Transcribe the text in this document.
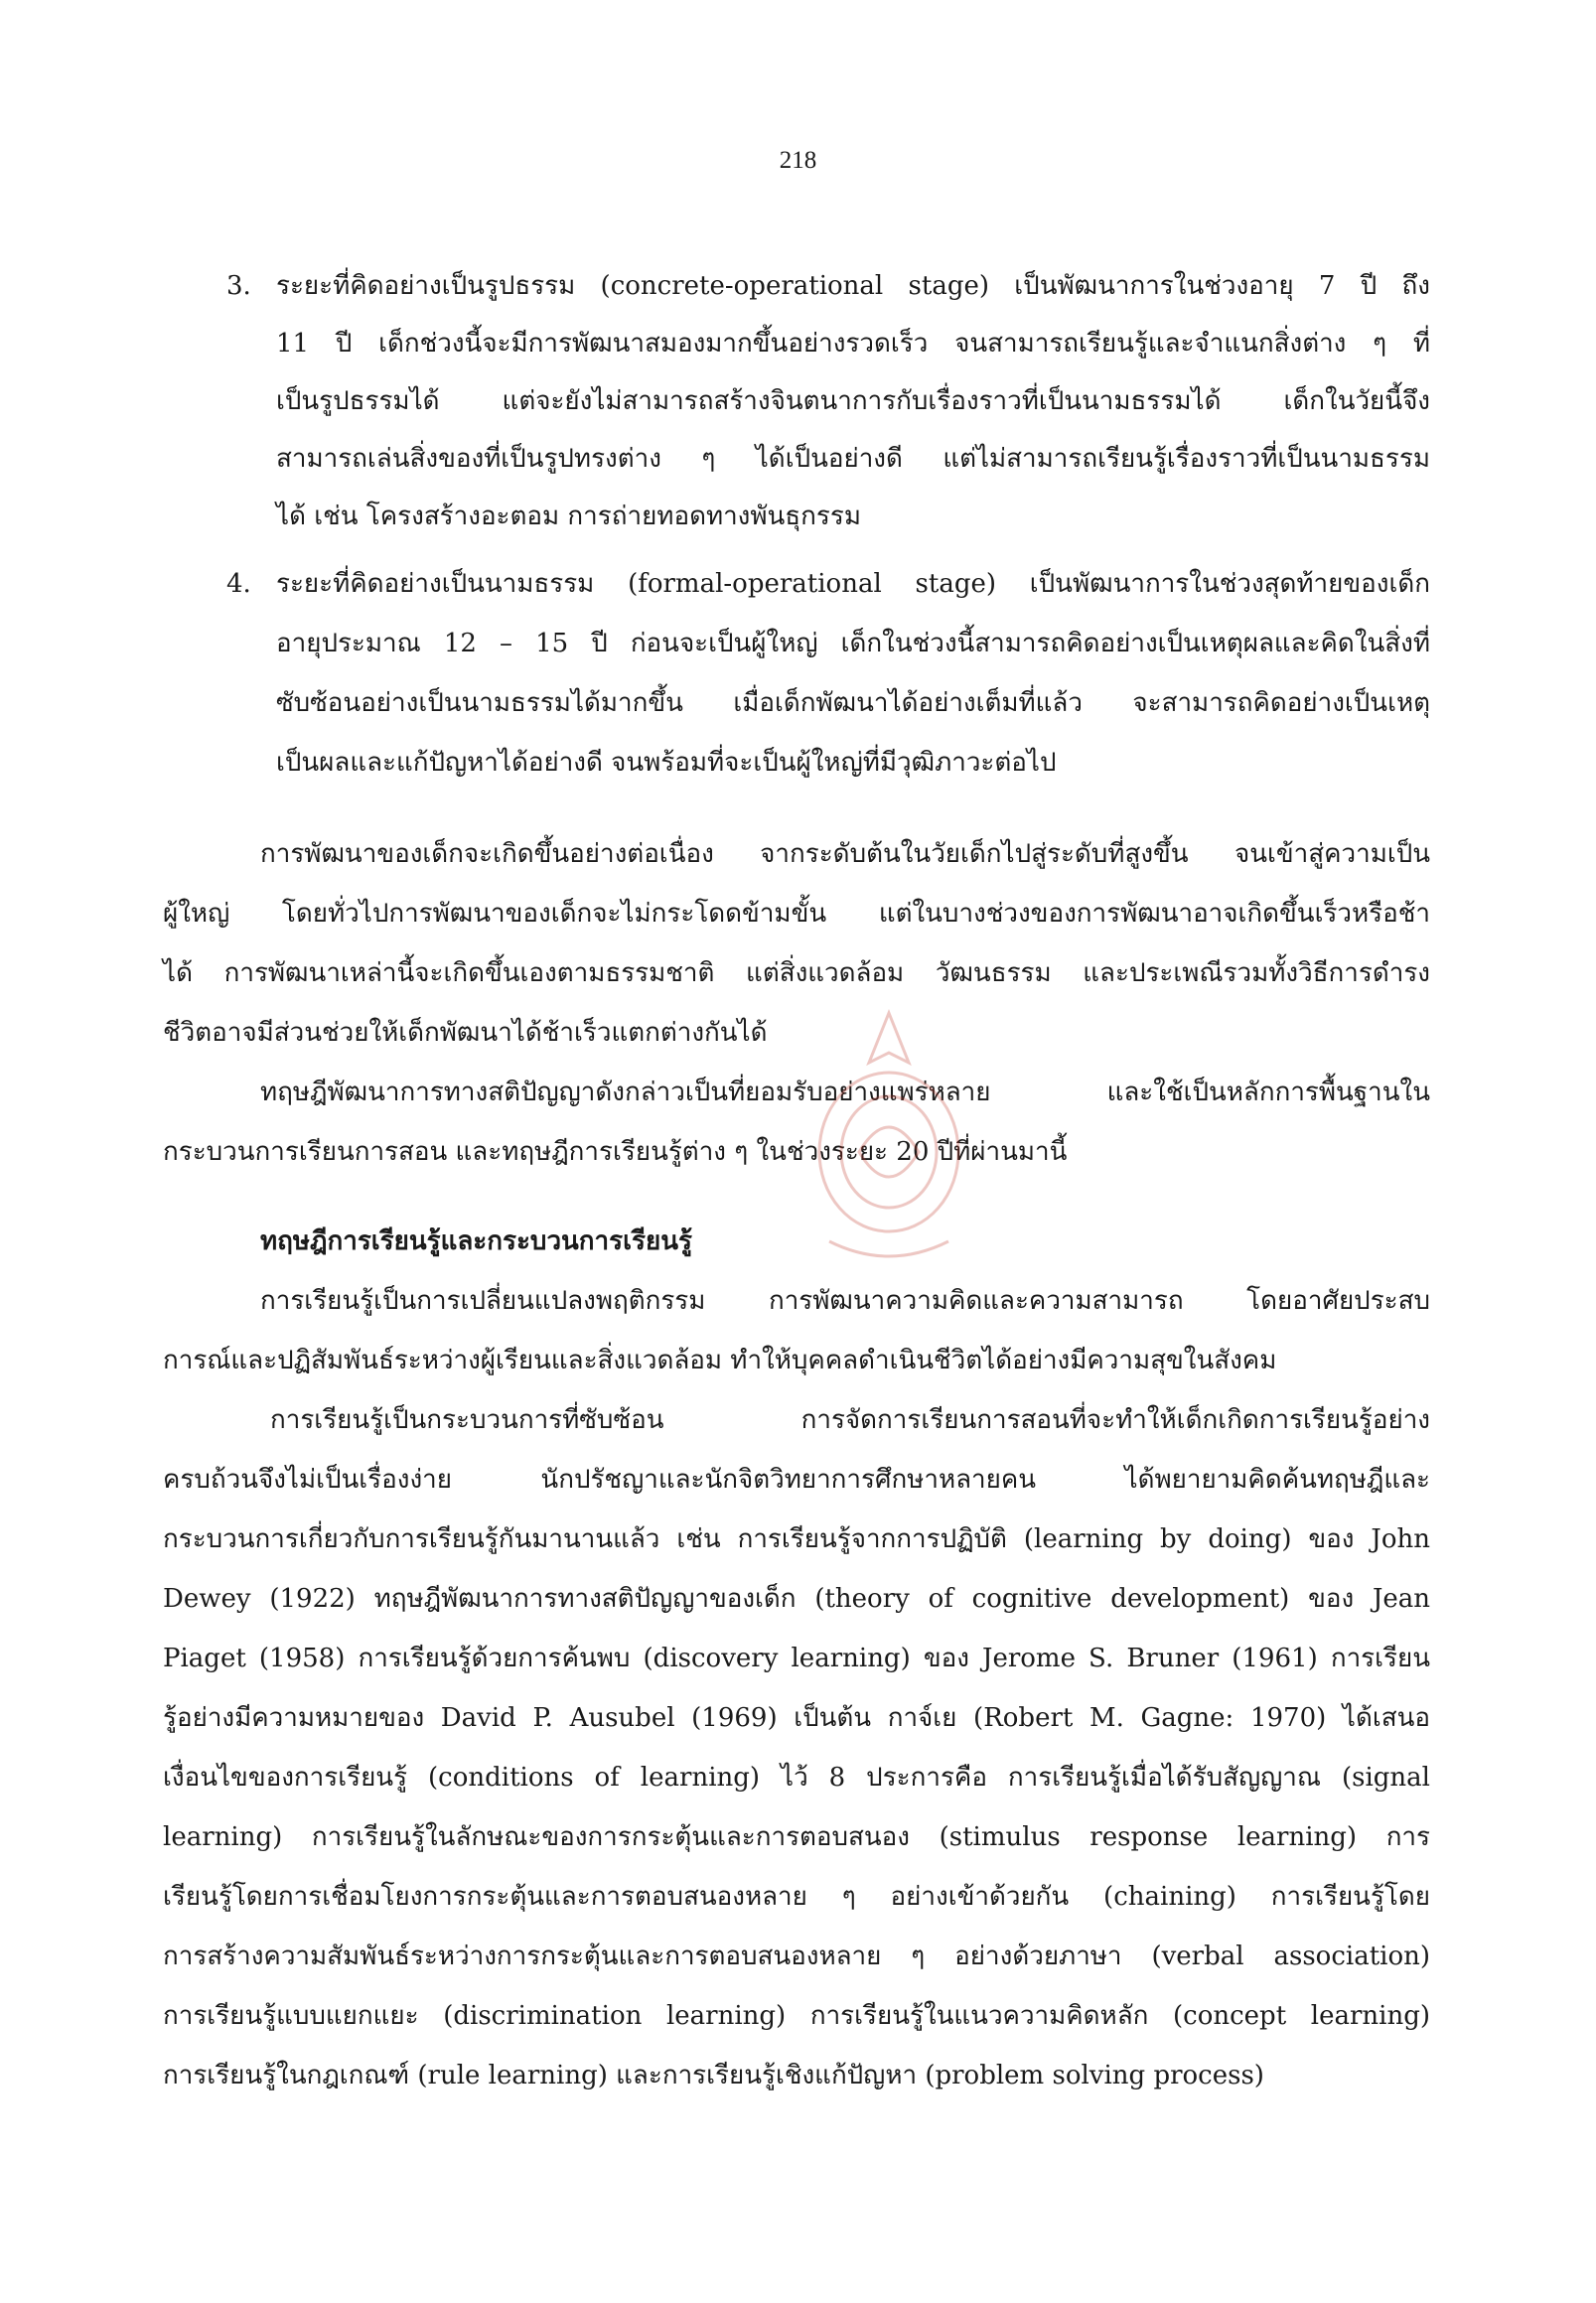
218
3. ระยะที่คิดอย่างเป็นรูปธรรม (concrete-operational stage) เป็นพัฒนาการในช่วงอายุ 7 ปี ถึง
11 ปี เด็กช่วงนี้จะมีการพัฒนาสมองมากขึ้นอย่างรวดเร็ว จนสามารถเรียนรู้และจำแนกสิ่งต่าง ๆ ที่
เป็นรูปธรรมได้ แต่จะยังไม่สามารถสร้างจินตนาการกับเรื่องราวที่เป็นนามธรรมได้ เด็กในวัยนี้จึง
สามารถเล่นสิ่งของที่เป็นรูปทรงต่าง ๆ ได้เป็นอย่างดี แต่ไม่สามารถเรียนรู้เรื่องราวที่เป็นนามธรรม
ได้ เช่น โครงสร้างอะตอม การถ่ายทอดทางพันธุกรรม
4. ระยะที่คิดอย่างเป็นนามธรรม (formal-operational stage) เป็นพัฒนาการในช่วงสุดท้ายของเด็ก
อายุประมาณ 12 – 15 ปี ก่อนจะเป็นผู้ใหญ่ เด็กในช่วงนี้สามารถคิดอย่างเป็นเหตุผลและคิดในสิ่งที่
ซับซ้อนอย่างเป็นนามธรรมได้มากขึ้น เมื่อเด็กพัฒนาได้อย่างเต็มที่แล้ว จะสามารถคิดอย่างเป็นเหตุ
เป็นผลและแก้ปัญหาได้อย่างดี จนพร้อมที่จะเป็นผู้ใหญ่ที่มีวุฒิภาวะต่อไป
การพัฒนาของเด็กจะเกิดขึ้นอย่างต่อเนื่อง จากระดับต้นในวัยเด็กไปสู่ระดับที่สูงขึ้น จนเข้าสู่ความเป็น
ผู้ใหญ่ โดยทั่วไปการพัฒนาของเด็กจะไม่กระโดดข้ามขั้น แต่ในบางช่วงของการพัฒนาอาจเกิดขึ้นเร็วหรือช้า
ได้ การพัฒนาเหล่านี้จะเกิดขึ้นเองตามธรรมชาติ แต่สิ่งแวดล้อม วัฒนธรรม และประเพณีรวมทั้งวิธีการดำรง
ชีวิตอาจมีส่วนช่วยให้เด็กพัฒนาได้ช้าเร็วแตกต่างกันได้
ทฤษฎีพัฒนาการทางสติปัญญาดังกล่าวเป็นที่ยอมรับอย่างแพร่หลาย และใช้เป็นหลักการพื้นฐานใน
กระบวนการเรียนการสอน และทฤษฎีการเรียนรู้ต่าง ๆ ในช่วงระยะ 20 ปีที่ผ่านมานี้
ทฤษฎีการเรียนรู้และกระบวนการเรียนรู้
การเรียนรู้เป็นการเปลี่ยนแปลงพฤติกรรม การพัฒนาความคิดและความสามารถ โดยอาศัยประสบ
การณ์และปฏิสัมพันธ์ระหว่างผู้เรียนและสิ่งแวดล้อม ทำให้บุคคลดำเนินชีวิตได้อย่างมีความสุขในสังคม
การเรียนรู้เป็นกระบวนการที่ซับซ้อน การจัดการเรียนการสอนที่จะทำให้เด็กเกิดการเรียนรู้อย่าง
ครบถ้วนจึงไม่เป็นเรื่องง่าย นักปรัชญาและนักจิตวิทยาการศึกษาหลายคน ได้พยายามคิดค้นทฤษฎีและ
กระบวนการเกี่ยวกับการเรียนรู้กันมานานแล้ว เช่น การเรียนรู้จากการปฏิบัติ (learning by doing) ของ John
Dewey (1922) ทฤษฎีพัฒนาการทางสติปัญญาของเด็ก (theory of cognitive development) ของ Jean
Piaget (1958) การเรียนรู้ด้วยการค้นพบ (discovery learning) ของ Jerome S. Bruner (1961) การเรียน
รู้อย่างมีความหมายของ David P. Ausubel (1969) เป็นต้น กาจ์เย (Robert M. Gagne: 1970) ได้เสนอ
เงื่อนไขของการเรียนรู้ (conditions of learning) ไว้ 8 ประการคือ การเรียนรู้เมื่อได้รับสัญญาณ (signal
learning) การเรียนรู้ในลักษณะของการกระตุ้นและการตอบสนอง (stimulus response learning) การ
เรียนรู้โดยการเชื่อมโยงการกระตุ้นและการตอบสนองหลาย ๆ อย่างเข้าด้วยกัน (chaining) การเรียนรู้โดย
การสร้างความสัมพันธ์ระหว่างการกระตุ้นและการตอบสนองหลาย ๆ อย่างด้วยภาษา (verbal association)
การเรียนรู้แบบแยกแยะ (discrimination learning) การเรียนรู้ในแนวความคิดหลัก (concept learning)
การเรียนรู้ในกฎเกณฑ์ (rule learning) และการเรียนรู้เชิงแก้ปัญหา (problem solving process)
